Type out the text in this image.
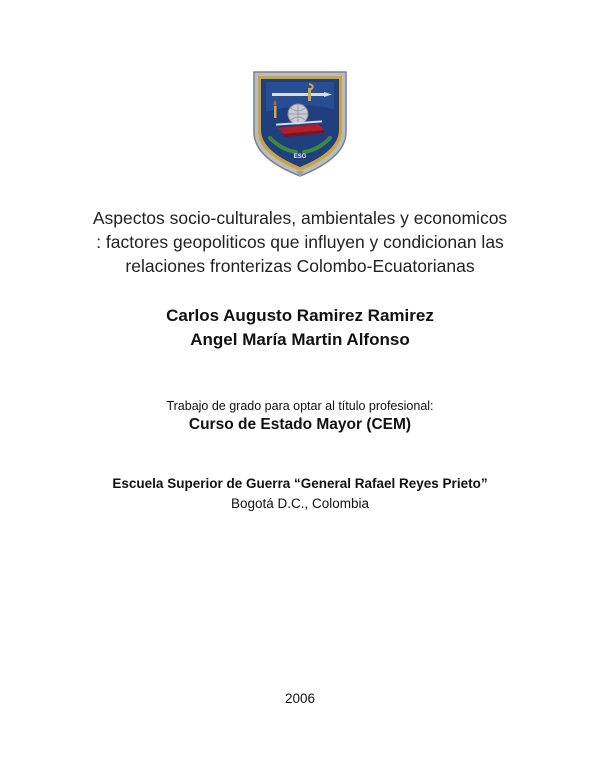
ESG
Aspectos socio-culturales, ambientales y economicos
: factores geopoliticos que influyen y condicionan las
relaciones fronterizas Colombo-Ecuatorianas
Carlos Augusto Ramirez Ramirez
Angel María Martin Alfonso
Trabajo de grado para optar al título profesional:
Curso de Estado Mayor (CEM)
Escuela Superior de Guerra “General Rafael Reyes Prieto”
Bogotá D.C., Colombia
2006
